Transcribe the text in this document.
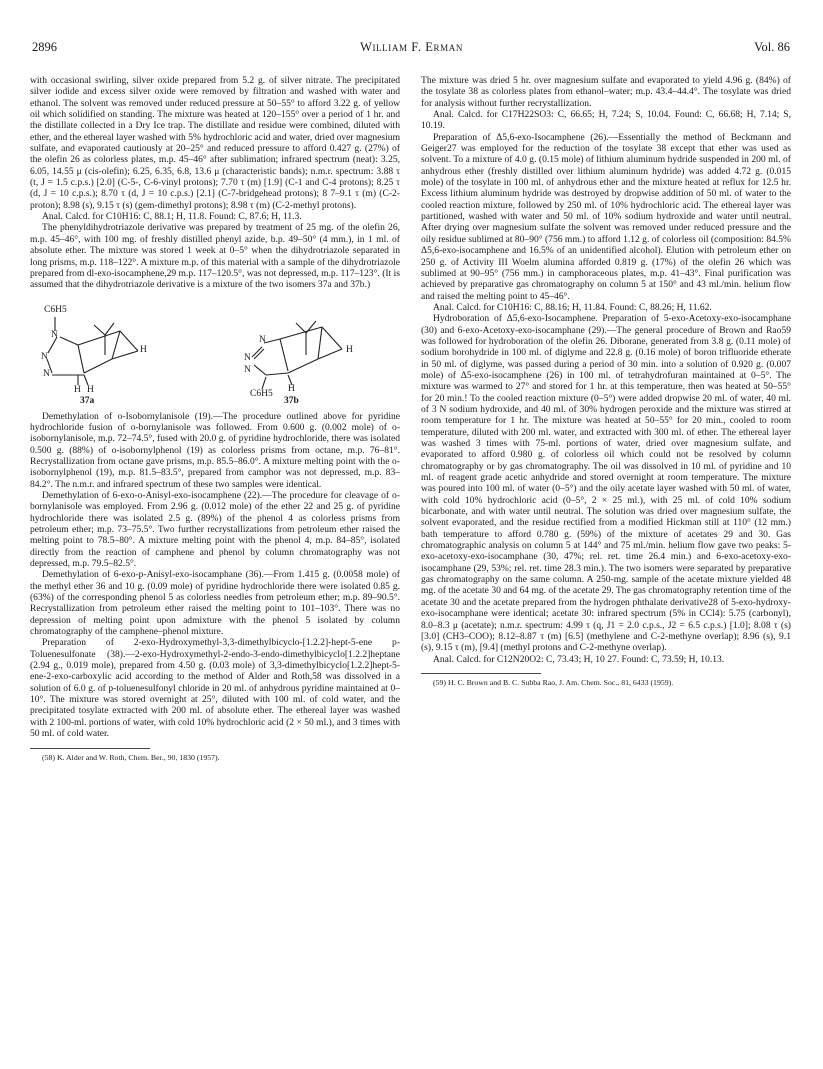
2896	William F. Erman	Vol. 86

with occasional swirling, silver oxide prepared from 5.2 g. of silver nitrate. The precipitated silver iodide and excess silver oxide were removed by filtration and washed with water and ethanol. The solvent was removed under reduced pressure at 50–55° to afford 3.22 g. of yellow oil which solidified on standing. The mixture was heated at 120–155° over a period of 1 hr. and the distillate collected in a Dry Ice trap. The distillate and residue were combined, diluted with ether, and the ethereal layer washed with 5% hydrochloric acid and water, dried over magnesium sulfate, and evaporated cautiously at 20–25° and reduced pressure to afford 0.427 g. (27%) of the olefin 26 as colorless plates, m.p. 45–46° after sublimation; infrared spectrum (neat): 3.25, 6.05, 14.55 μ (cis-olefin); 6.25, 6.35, 6.8, 13.6 μ (characteristic bands); n.m.r. spectrum: 3.88 τ (t, J = 1.5 c.p.s.) [2.0] (C-5-, C-6-vinyl protons); 7.70 τ (m) [1.9] (C-1 and C-4 protons); 8.25 τ (d, J = 10 c.p.s.); 8.70 τ (d, J = 10 c.p.s.) [2.1] (C-7-bridgehead protons); 8 7–9.1 τ (m) (C-2-proton); 8.98 (s), 9.15 τ (s) (gem-dimethyl protons); 8.98 τ (m) (C-2-methyl protons).

Anal. Calcd. for C10H16: C, 88.1; H, 11.8. Found: C, 87.6; H, 11.3.

The phenyldihydrotriazole derivative was prepared by treatment of 25 mg. of the olefin 26, m.p. 45–46°, with 100 mg. of freshly distilled phenyl azide, b.p. 49–50° (4 mm.), in 1 ml. of absolute ether. The mixture was stored 1 week at 0–5° when the dihydrotriazole separated in long prisms, m.p. 118–122°. A mixture m.p. of this material with a sample of the dihydrotriazole prepared from dl-exo-isocamphene,29 m.p. 117–120.5°, was not depressed, m.p. 117–123°. (It is assumed that the dihydrotriazole derivative is a mixture of the two isomers 37a and 37b.)

C6H5
N
N
N
H
H H
37a
N
N
N
H
H
C6H5
37b

Demethylation of o-Isobornylanisole (19).—The procedure outlined above for pyridine hydrochloride fusion of o-bornylanisole was followed. From 0.600 g. (0.002 mole) of o-isobornylanisole, m.p. 72–74.5°, fused with 20.0 g. of pyridine hydrochloride, there was isolated 0.500 g. (88%) of o-isobornylphenol (19) as colorless prisms from octane, m.p. 76–81°. Recrystallization from octane gave prisms, m.p. 85.5–86.0°. A mixture melting point with the o-isobornylphenol (19), m.p. 81.5–83.5°, prepared from camphor was not depressed, m.p. 83–84.2°. The n.m.r. and infrared spectrum of these two samples were identical.

Demethylation of 6-exo-o-Anisyl-exo-isocamphene (22).—The procedure for cleavage of o-bornylanisole was employed. From 2.96 g. (0.012 mole) of the ether 22 and 25 g. of pyridine hydrochloride there was isolated 2.5 g. (89%) of the phenol 4 as colorless prisms from petroleum ether; m.p. 73–75.5°. Two further recrystallizations from petroleum ether raised the melting point to 78.5–80°. A mixture melting point with the phenol 4, m.p. 84–85°, isolated directly from the reaction of camphene and phenol by column chromatography was not depressed, m.p. 79.5–82.5°.

Demethylation of 6-exo-p-Anisyl-exo-isocamphane (36).—From 1.415 g. (0.0058 mole) of the methyl ether 36 and 10 g. (0.09 mole) of pyridine hydrochloride there were isolated 0.85 g. (63%) of the corresponding phenol 5 as colorless needles from petroleum ether; m.p. 89–90.5°. Recrystallization from petroleum ether raised the melting point to 101–103°. There was no depression of melting point upon admixture with the phenol 5 isolated by column chromatography of the camphene–phenol mixture.

Preparation of 2-exo-Hydroxymethyl-3,3-dimethylbicyclo-[1.2.2]-hept-5-ene p-Toluenesulfonate (38).—2-exo-Hydroxymethyl-2-endo-3-endo-dimethylbicyclo[1.2.2]heptane (2.94 g., 0.019 mole), prepared from 4.50 g. (0.03 mole) of 3,3-dimethylbicyclo[1.2.2]hept-5-ene-2-exo-carboxylic acid according to the method of Alder and Roth,58 was dissolved in a solution of 6.0 g. of p-toluenesulfonyl chloride in 20 ml. of anhydrous pyridine maintained at 0–10°. The mixture was stored overnight at 25°, diluted with 100 ml. of cold water, and the precipitated tosylate extracted with 200 ml. of absolute ether. The ethereal layer was washed with 2 100-ml. portions of water, with cold 10% hydrochloric acid (2 × 50 ml.), and 3 times with 50 ml. of cold water.

(58) K. Alder and W. Roth, Chem. Ber., 90, 1830 (1957).

The mixture was dried 5 hr. over magnesium sulfate and evaporated to yield 4.96 g. (84%) of the tosylate 38 as colorless plates from ethanol–water; m.p. 43.4–44.4°. The tosylate was dried for analysis without further recrystallization.

Anal. Calcd. for C17H22SO3: C, 66.65; H, 7.24; S, 10.04. Found: C, 66.68; H, 7.14; S, 10.19.

Preparation of Δ5,6-exo-Isocamphene (26).—Essentially the method of Beckmann and Geiger27 was employed for the reduction of the tosylate 38 except that ether was used as solvent. To a mixture of 4.0 g. (0.15 mole) of lithium aluminum hydride suspended in 200 ml. of anhydrous ether (freshly distilled over lithium aluminum hydride) was added 4.72 g. (0.015 mole) of the tosylate in 100 ml. of anhydrous ether and the mixture heated at reflux for 12.5 hr. Excess lithium aluminum hydride was destroyed by dropwise addition of 50 ml. of water to the cooled reaction mixture, followed by 250 ml. of 10% hydrochloric acid. The ethereal layer was partitioned, washed with water and 50 ml. of 10% sodium hydroxide and water until neutral. After drying over magnesium sulfate the solvent was removed under reduced pressure and the oily residue sublimed at 80–90° (756 mm.) to afford 1.12 g. of colorless oil (composition: 84.5% Δ5,6-exo-isocamphene and 16.5% of an unidentified alcohol). Elution with petroleum ether on 250 g. of Activity III Woelm alumina afforded 0.819 g. (17%) of the olefin 26 which was sublimed at 90–95° (756 mm.) in camphoraceous plates, m.p. 41–43°. Final purification was achieved by preparative gas chromatography on column 5 at 150° and 43 ml./min. helium flow and raised the melting point to 45–46°.

Anal. Calcd. for C10H16: C, 88.16; H, 11.84. Found: C, 88.26; H, 11.62.

Hydroboration of Δ5,6-exo-Isocamphene. Preparation of 5-exo-Acetoxy-exo-isocamphane (30) and 6-exo-Acetoxy-exo-isocamphane (29).—The general procedure of Brown and Rao59 was followed for hydroboration of the olefin 26. Diborane, generated from 3.8 g. (0.11 mole) of sodium borohydride in 100 ml. of diglyme and 22.8 g. (0.16 mole) of boron trifluoride etherate in 50 ml. of diglyme, was passed during a period of 30 min. into a solution of 0.920 g. (0.007 mole) of Δ5-exo-isocamphene (26) in 100 ml. of tetrahydrofuran maintained at 0–5°. The mixture was warmed to 27° and stored for 1 hr. at this temperature, then was heated at 50–55° for 20 min.! To the cooled reaction mixture (0–5°) were added dropwise 20 ml. of water, 40 ml. of 3 N sodium hydroxide, and 40 ml. of 30% hydrogen peroxide and the mixture was stirred at room temperature for 1 hr. The mixture was heated at 50–55° for 20 min., cooled to room temperature, diluted with 200 ml. water, and extracted with 300 ml. of ether. The ethereal layer was washed 3 times with 75-ml. portions of water, dried over magnesium sulfate, and evaporated to afford 0.980 g. of colorless oil which could not be resolved by column chromatography or by gas chromatography. The oil was dissolved in 10 ml. of pyridine and 10 ml. of reagent grade acetic anhydride and stored overnight at room temperature. The mixture was poured into 100 ml. of water (0–5°) and the oily acetate layer washed with 50 ml. of water, with cold 10% hydrochloric acid (0–5°, 2 × 25 ml.), with 25 ml. of cold 10% sodium bicarbonate, and with water until neutral. The solution was dried over magnesium sulfate, the solvent evaporated, and the residue rectified from a modified Hickman still at 110° (12 mm.) bath temperature to afford 0.780 g. (59%) of the mixture of acetates 29 and 30. Gas chromatographic analysis on column 5 at 144° and 75 ml./min. helium flow gave two peaks: 5-exo-acetoxy-exo-isocamphane (30, 47%; rel. ret. time 26.4 min.) and 6-exo-acetoxy-exo-isocamphane (29, 53%; rel. ret. time 28.3 min.). The two isomers were separated by preparative gas chromatography on the same column. A 250-mg. sample of the acetate mixture yielded 48 mg. of the acetate 30 and 64 mg. of the acetate 29. The gas chromatography retention time of the acetate 30 and the acetate prepared from the hydrogen phthalate derivative28 of 5-exo-hydroxy-exo-isocamphane were identical; acetate 30: infrared spectrum (5% in CCl4): 5.75 (carbonyl), 8.0–8.3 μ (acetate); n.m.r. spectrum: 4.99 τ (q, J1 = 2.0 c.p.s., J2 = 6.5 c.p.s.) [1.0]; 8.08 τ (s) [3.0] (CH3–COO); 8.12–8.87 τ (m) [6.5] (methylene and C-2-methyne overlap); 8.96 (s), 9.1 (s), 9.15 τ (m), [9.4] (methyl protons and C-2-methyne overlap).

Anal. Calcd. for C12N20O2: C, 73.43; H, 10 27. Found: C, 73.59; H, 10.13.

(59) H. C. Brown and B. C. Subba Rao, J. Am. Chem. Soc., 81, 6433 (1959).
